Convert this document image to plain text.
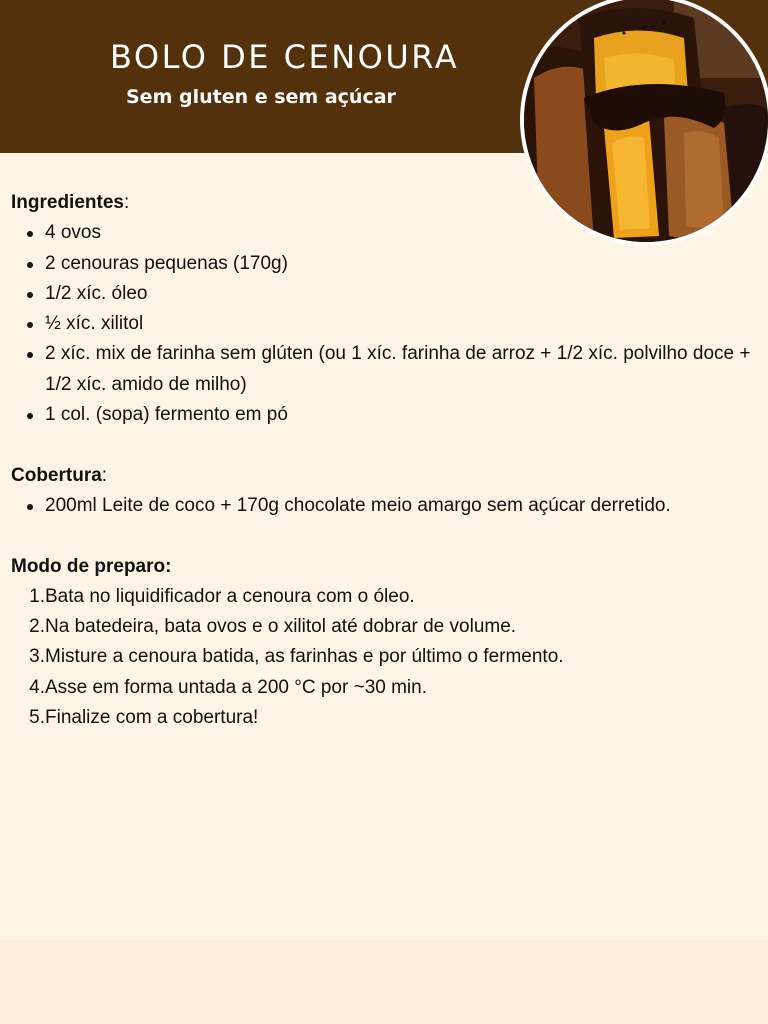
BOLO DE CENOURA

Sem gluten e sem açúcar

Ingredientes:

4 ovos
2 cenouras pequenas (170g)
1/2 xíc. óleo
½ xíc. xilitol
2 xíc. mix de farinha sem glúten (ou 1 xíc. farinha de arroz + 1/2 xíc. polvilho doce + 1/2 xíc. amido de milho)
1 col. (sopa) fermento em pó

Cobertura:

200ml Leite de coco + 170g chocolate meio amargo sem açúcar derretido.

Modo de preparo:

1. Bata no liquidificador a cenoura com o óleo.
2. Na batedeira, bata ovos e o xilitol até dobrar de volume.
3. Misture a cenoura batida, as farinhas e por último o fermento.
4. Asse em forma untada a 200 °C por ~30 min.
5. Finalize com a cobertura!
